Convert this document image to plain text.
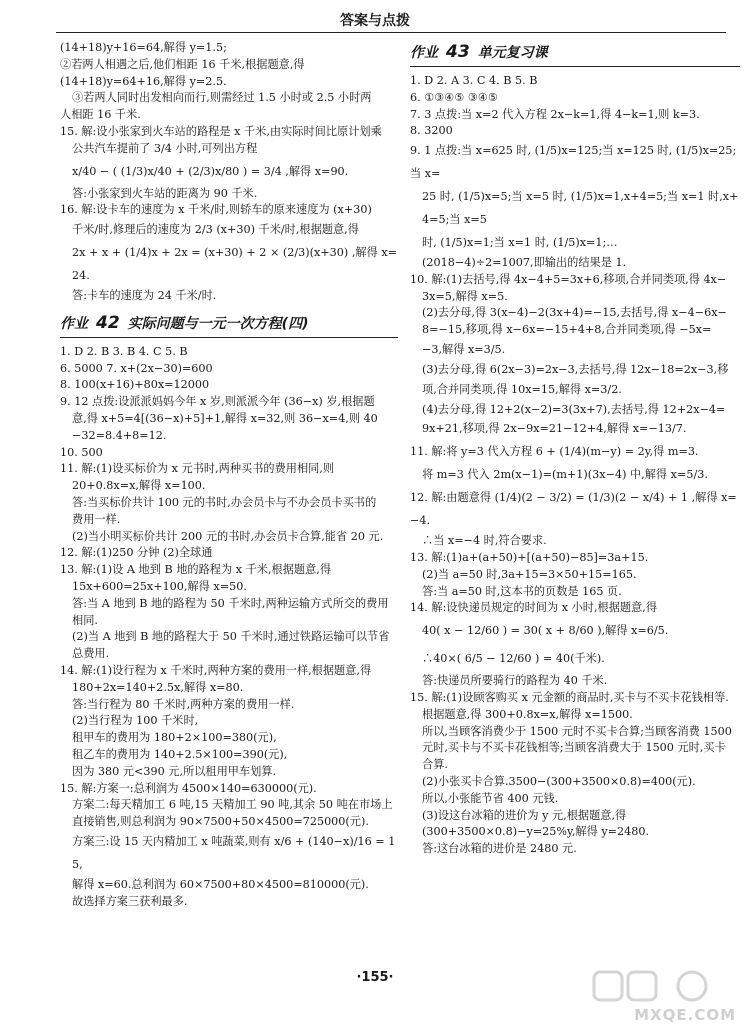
答案与点拨

(14+18)y+16=64,解得 y=1.5;

②若两人相遇之后,他们相距 16 千米,根据题意,得

(14+18)y=64+16,解得 y=2.5.

③若两人同时出发相向而行,则需经过 1.5 小时或 2.5 小时两

人相距 16 千米.

15. 解:设小张家到火车站的路程是 x 千米,由实际时间比原计划乘

公共汽车提前了 3/4 小时,可列出方程

x/40 − ( (1/3)x/40 + (2/3)x/80 ) = 3/4 ,解得 x=90.

答:小张家到火车站的距离为 90 千米.

16. 解:设卡车的速度为 x 千米/时,则轿车的原来速度为 (x+30)

千米/时,修理后的速度为 2/3 (x+30) 千米/时,根据题意,得

2x + x + (1/4)x + 2x = (x+30) + 2 × (2/3)(x+30) ,解得 x=24.

答:卡车的速度为 24 千米/时.

作业 42 实际问题与一元一次方程(四)

1. D 2. B 3. B 4. C 5. B

6. 5000 7. x+(2x−30)=600

8. 100(x+16)+80x=12000

9. 12 点拨:设派派妈妈今年 x 岁,则派派今年 (36−x) 岁,根据题

意,得 x+5=4[(36−x)+5]+1,解得 x=32,则 36−x=4,则 40

−32=8.4+8=12.

10. 500

11. 解:(1)设买标价为 x 元书时,两种买书的费用相同,则

20+0.8x=x,解得 x=100.

答:当买标价共计 100 元的书时,办会员卡与不办会员卡买书的

费用一样.

(2)当小明买标价共计 200 元的书时,办会员卡合算,能省 20 元.

12. 解:(1)250 分钟 (2)全球通

13. 解:(1)设 A 地到 B 地的路程为 x 千米,根据题意,得

15x+600=25x+100,解得 x=50.

答:当 A 地到 B 地的路程为 50 千米时,两种运输方式所交的费用

相同.

(2)当 A 地到 B 地的路程大于 50 千米时,通过铁路运输可以节省

总费用.

14. 解:(1)设行程为 x 千米时,两种方案的费用一样,根据题意,得

180+2x=140+2.5x,解得 x=80.

答:当行程为 80 千米时,两种方案的费用一样.

(2)当行程为 100 千米时,

租甲车的费用为 180+2×100=380(元),

租乙车的费用为 140+2.5×100=390(元),

因为 380 元<390 元,所以租用甲车划算.

15. 解:方案一:总利润为 4500×140=630000(元).

方案二:每天精加工 6 吨,15 天精加工 90 吨,其余 50 吨在市场上

直接销售,则总利润为 90×7500+50×4500=725000(元).

方案三:设 15 天内精加工 x 吨蔬菜,则有 x/6 + (140−x)/16 = 15,

解得 x=60.总利润为 60×7500+80×4500=810000(元).

故选择方案三获利最多.

作业 43 单元复习课

1. D 2. A 3. C 4. B 5. B

6. ①③④⑤ ③④⑤

7. 3 点拨:当 x=2 代入方程 2x−k=1,得 4−k=1,则 k=3.

8. 3200

9. 1 点拨:当 x=625 时, (1/5)x=125;当 x=125 时, (1/5)x=25;当 x=

25 时, (1/5)x=5;当 x=5 时, (1/5)x=1,x+4=5;当 x=1 时,x+4=5;当 x=5

时, (1/5)x=1;当 x=1 时, (1/5)x=1;…

(2018−4)÷2=1007,即输出的结果是 1.

10. 解:(1)去括号,得 4x−4+5=3x+6,移项,合并同类项,得 4x−

3x=5,解得 x=5.

(2)去分母,得 3(x−4)−2(3x+4)=−15,去括号,得 x−4−6x−

8=−15,移项,得 x−6x=−15+4+8,合并同类项,得 −5x=

−3,解得 x=3/5.

(3)去分母,得 6(2x−3)=2x−3,去括号,得 12x−18=2x−3,移

项,合并同类项,得 10x=15,解得 x=3/2.

(4)去分母,得 12+2(x−2)=3(3x+7),去括号,得 12+2x−4=

9x+21,移项,得 2x−9x=21−12+4,解得 x=−13/7.

11. 解:将 y=3 代入方程 6 + (1/4)(m−y) = 2y,得 m=3.

将 m=3 代入 2m(x−1)=(m+1)(3x−4) 中,解得 x=5/3.

12. 解:由题意得 (1/4)(2 − 3/2) = (1/3)(2 − x/4) + 1 ,解得 x=−4.

∴当 x=−4 时,符合要求.

13. 解:(1)a+(a+50)+[(a+50)−85]=3a+15.

(2)当 a=50 时,3a+15=3×50+15=165.

答:当 a=50 时,这本书的页数是 165 页.

14. 解:设快递员规定的时间为 x 小时,根据题意,得

40( x − 12/60 ) = 30( x + 8/60 ),解得 x=6/5.

∴40×( 6/5 − 12/60 ) = 40(千米).

答:快递员所要骑行的路程为 40 千米.

15. 解:(1)设顾客购买 x 元金额的商品时,买卡与不买卡花钱相等.

根据题意,得 300+0.8x=x,解得 x=1500.

所以,当顾客消费少于 1500 元时不买卡合算;当顾客消费 1500

元时,买卡与不买卡花钱相等;当顾客消费大于 1500 元时,买卡

合算.

(2)小张买卡合算.3500−(300+3500×0.8)=400(元).

所以,小张能节省 400 元钱.

(3)设这台冰箱的进价为 y 元,根据题意,得

(300+3500×0.8)−y=25%y,解得 y=2480.

答:这台冰箱的进价是 2480 元.

·155·
MXQE.COM
